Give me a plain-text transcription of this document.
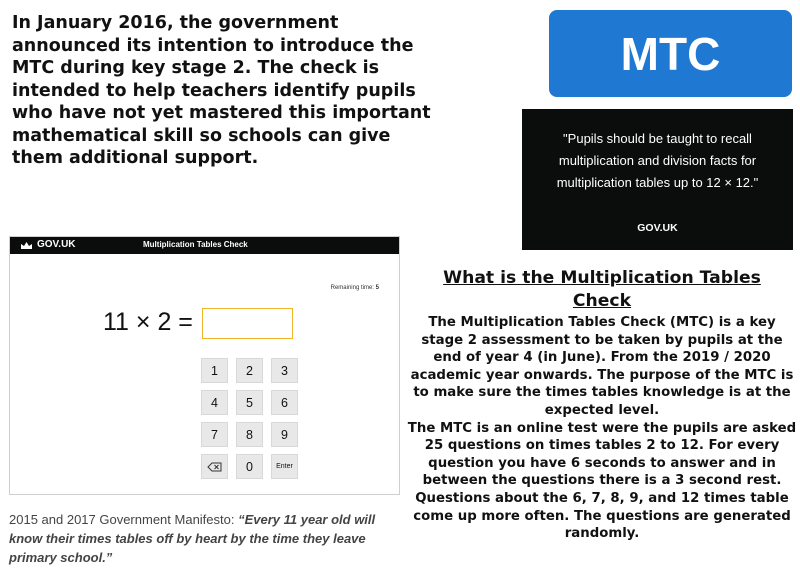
In January 2016, the government announced its intention to introduce the MTC during key stage 2. The check is intended to help teachers identify pupils who have not yet mastered this important mathematical skill so schools can give them additional support.

MTC

"Pupils should be taught to recall multiplication and division facts for multiplication tables up to 12 × 12."

GOV.UK

GOV.UK	Multiplication Tables Check
Remaining time: 5
11 × 2 =
1	2	3
4	5	6
7	8	9
0	Enter

2015 and 2017 Government Manifesto: “Every 11 year old will know their times tables off by heart by the time they leave primary school.”

What is the Multiplication Tables Check

The Multiplication Tables Check (MTC) is a key stage 2 assessment to be taken by pupils at the end of year 4 (in June). From the 2019 / 2020 academic year onwards. The purpose of the MTC is to make sure the times tables knowledge is at the expected level.

The MTC is an online test were the pupils are asked 25 questions on times tables 2 to 12. For every question you have 6 seconds to answer and in between the questions there is a 3 second rest. Questions about the 6, 7, 8, 9, and 12 times table come up more often. The questions are generated randomly.
